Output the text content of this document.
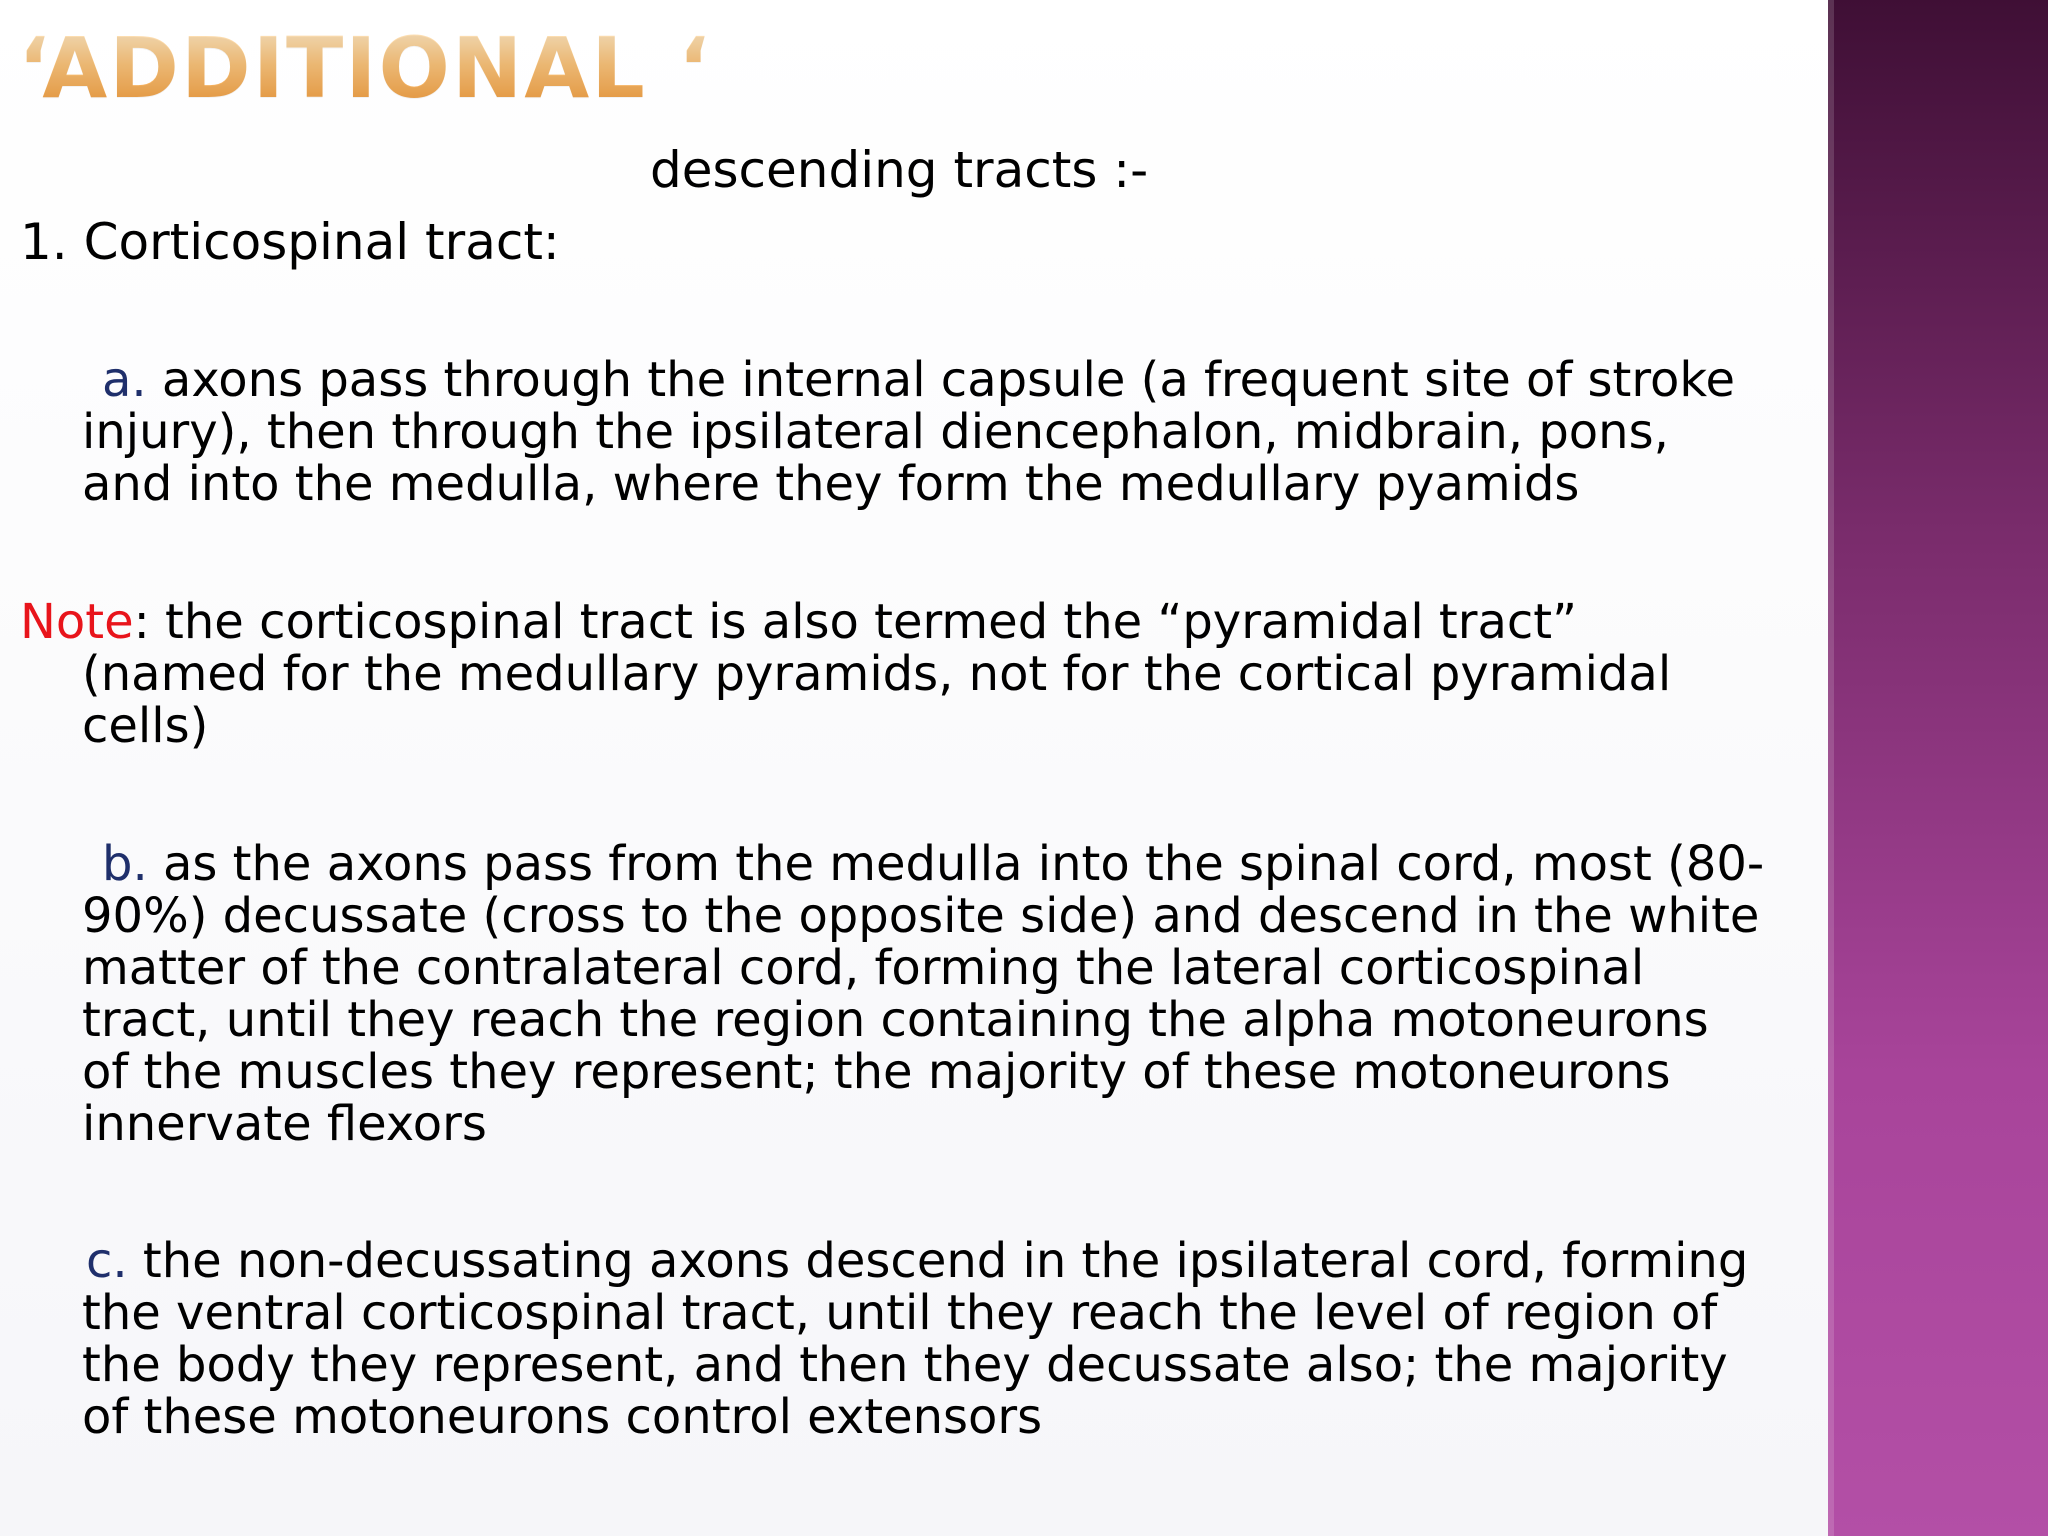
‘ADDITIONAL ‘
descending tracts :-
1. Corticospinal tract:
a. axons pass through the internal capsule (a frequent site of stroke
injury), then through the ipsilateral diencephalon, midbrain, pons,
and into the medulla, where they form the medullary pyamids
Note: the corticospinal tract is also termed the “pyramidal tract”
(named for the medullary pyramids, not for the cortical pyramidal
cells)
b. as the axons pass from the medulla into the spinal cord, most (80-
90%) decussate (cross to the opposite side) and descend in the white
matter of the contralateral cord, forming the lateral corticospinal
tract, until they reach the region containing the alpha motoneurons
of the muscles they represent; the majority of these motoneurons
innervate flexors
c. the non-decussating axons descend in the ipsilateral cord, forming
the ventral corticospinal tract, until they reach the level of region of
the body they represent, and then they decussate also; the majority
of these motoneurons control extensors
